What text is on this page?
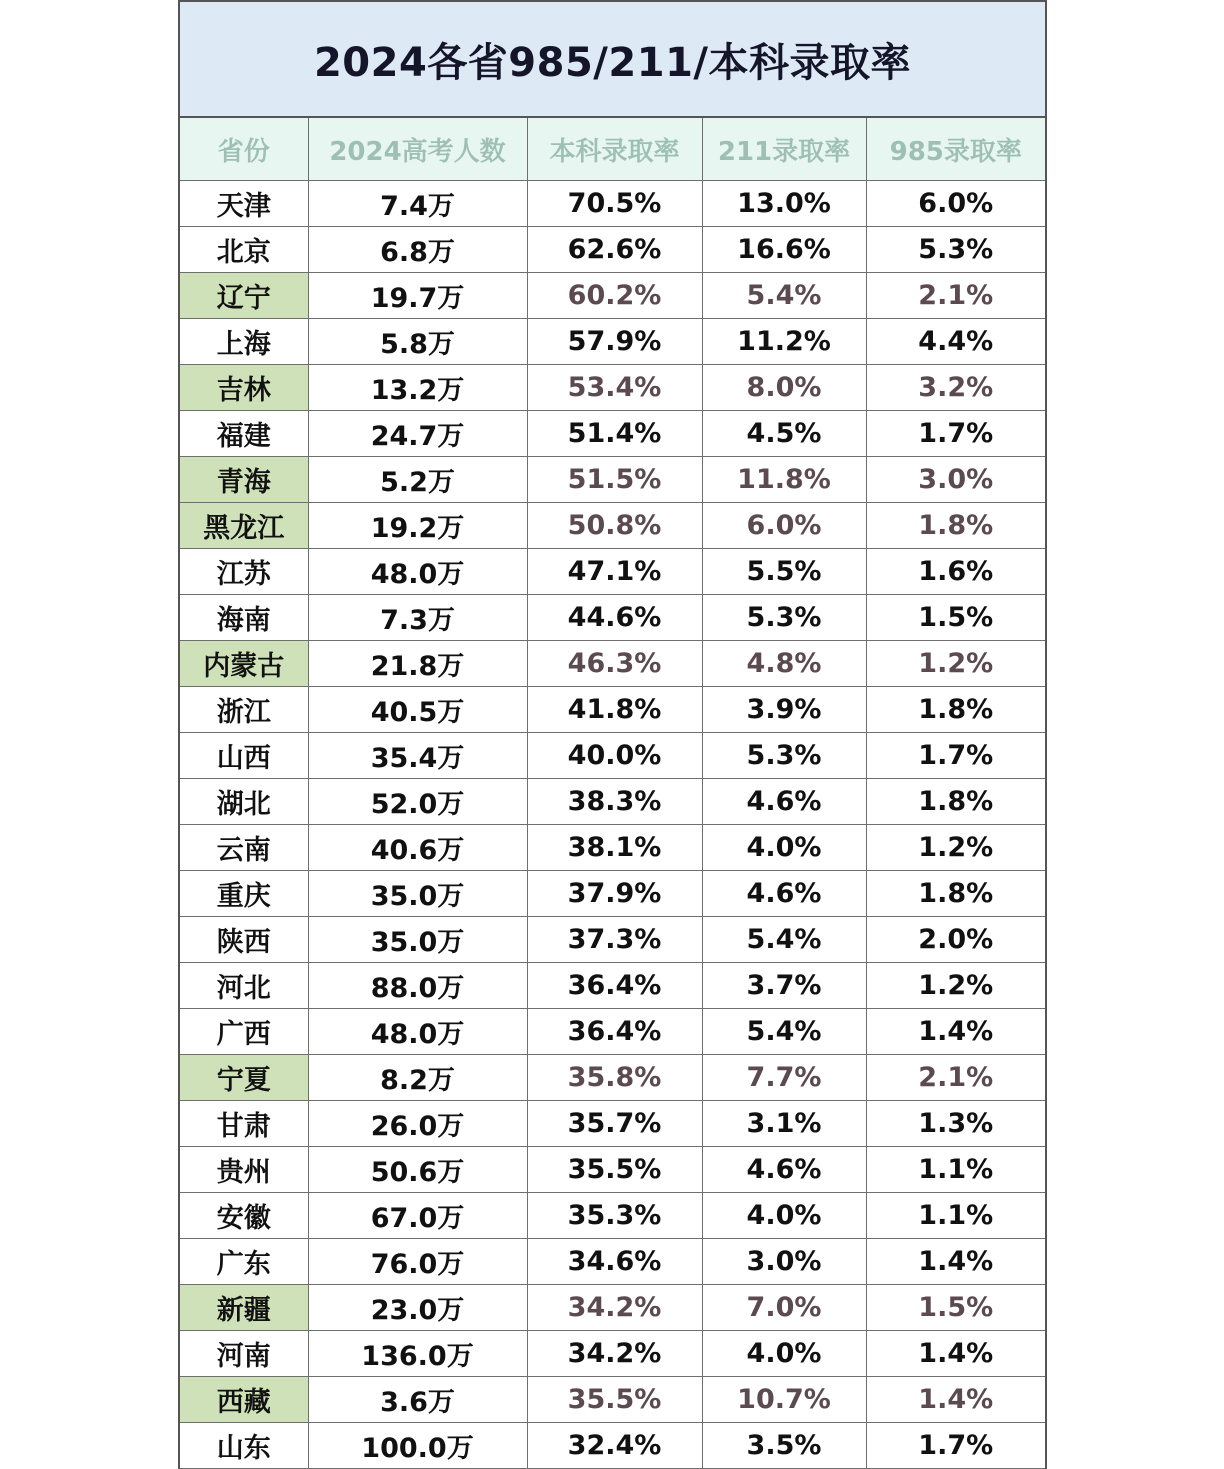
2024各省985/211/本科录取率
省份	2024高考人数	本科录取率	211录取率	985录取率
天津	7.4万	70.5%	13.0%	6.0%
北京	6.8万	62.6%	16.6%	5.3%
辽宁	19.7万	60.2%	5.4%	2.1%
上海	5.8万	57.9%	11.2%	4.4%
吉林	13.2万	53.4%	8.0%	3.2%
福建	24.7万	51.4%	4.5%	1.7%
青海	5.2万	51.5%	11.8%	3.0%
黑龙江	19.2万	50.8%	6.0%	1.8%
江苏	48.0万	47.1%	5.5%	1.6%
海南	7.3万	44.6%	5.3%	1.5%
内蒙古	21.8万	46.3%	4.8%	1.2%
浙江	40.5万	41.8%	3.9%	1.8%
山西	35.4万	40.0%	5.3%	1.7%
湖北	52.0万	38.3%	4.6%	1.8%
云南	40.6万	38.1%	4.0%	1.2%
重庆	35.0万	37.9%	4.6%	1.8%
陕西	35.0万	37.3%	5.4%	2.0%
河北	88.0万	36.4%	3.7%	1.2%
广西	48.0万	36.4%	5.4%	1.4%
宁夏	8.2万	35.8%	7.7%	2.1%
甘肃	26.0万	35.7%	3.1%	1.3%
贵州	50.6万	35.5%	4.6%	1.1%
安徽	67.0万	35.3%	4.0%	1.1%
广东	76.0万	34.6%	3.0%	1.4%
新疆	23.0万	34.2%	7.0%	1.5%
河南	136.0万	34.2%	4.0%	1.4%
西藏	3.6万	35.5%	10.7%	1.4%
山东	100.0万	32.4%	3.5%	1.7%
